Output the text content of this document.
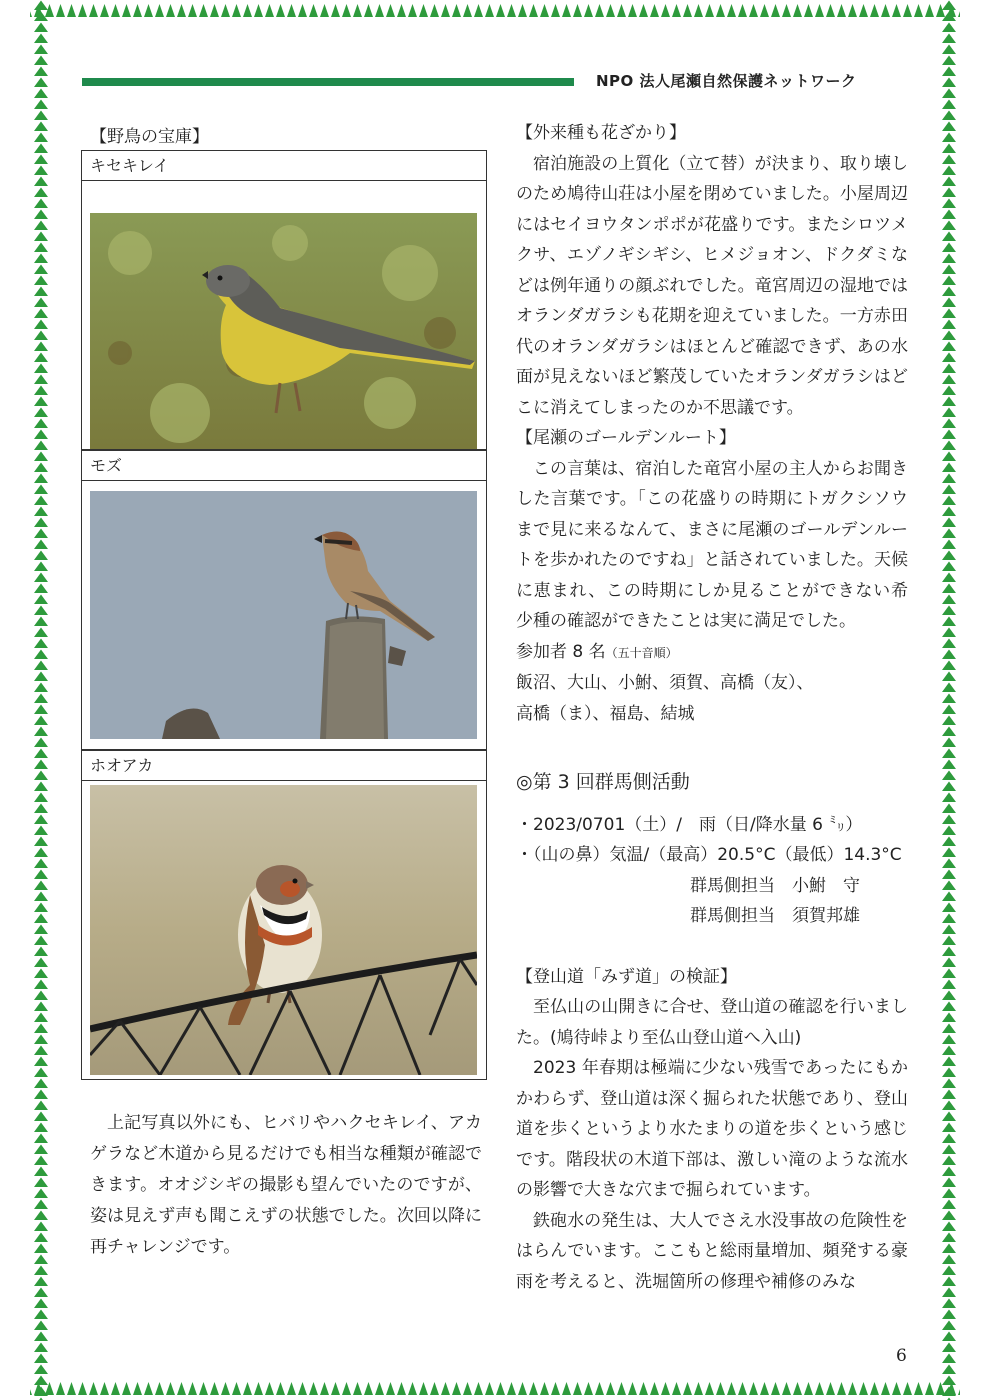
NPO 法人尾瀬自然保護ネットワーク
【野鳥の宝庫】
キセキレイ
モズ
ホオアカ

上記写真以外にも、ヒバリやハクセキレイ、アカゲラなど木道から見るだけでも相当な種類が確認できます。オオジシギの撮影も望んでいたのですが、姿は見えず声も聞こえずの状態でした。次回以降に再チャレンジです。

【外来種も花ざかり】

宿泊施設の上質化（立て替）が決まり、取り壊しのため鳩待山荘は小屋を閉めていました。小屋周辺にはセイヨウタンポポが花盛りです。またシロツメクサ、エゾノギシギシ、ヒメジョオン、ドクダミなどは例年通りの顔ぶれでした。竜宮周辺の湿地ではオランダガラシも花期を迎えていました。一方赤田代のオランダガラシはほとんど確認できず、あの水面が見えないほど繁茂していたオランダガラシはどこに消えてしまったのか不思議です。

【尾瀬のゴールデンルート】

この言葉は、宿泊した竜宮小屋の主人からお聞きした言葉です。「この花盛りの時期にトガクシソウまで見に来るなんて、まさに尾瀬のゴールデンルートを歩かれたのですね」と話されていました。天候に恵まれ、この時期にしか見ることができない希少種の確認ができたことは実に満足でした。

参加者 8 名（五十音順）

飯沼、大山、小鮒、須賀、高橋（友）、

高橋（ま）、福島、結城

◎第 3 回群馬側活動

・2023/0701（土）/　雨（日/降水量 6 ㍉）

・（山の鼻）気温/（最高）20.5°C（最低）14.3°C

群馬側担当　小鮒　守

群馬側担当　須賀邦雄

【登山道「みず道」の検証】

至仏山の山開きに合せ、登山道の確認を行いました。(鳩待峠より至仏山登山道へ入山)

2023 年春期は極端に少ない残雪であったにもかかわらず、登山道は深く掘られた状態であり、登山道を歩くというより水たまりの道を歩くという感じです。階段状の木道下部は、激しい滝のような流水の影響で大きな穴まで掘られています。

鉄砲水の発生は、大人でさえ水没事故の危険性をはらんでいます。ここもと総雨量増加、頻発する豪雨を考えると、洗堀箇所の修理や補修のみな

6
